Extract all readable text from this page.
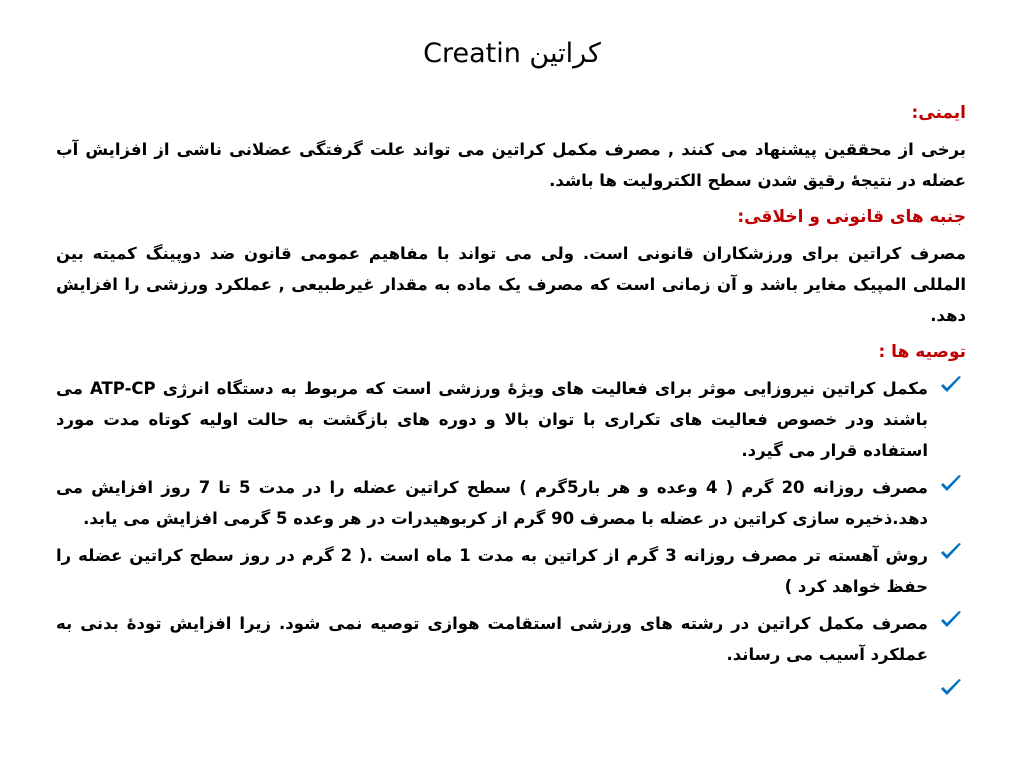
Creatin کراتین
ایمنی:
برخی از محققین پیشنهاد می کنند , مصرف مکمل کراتین می تواند علت گرفتگی عضلانی ناشی از افزایش آب عضله در نتیجهٔ رقیق شدن سطح الکترولیت ها باشد.
جنبه های قانونی و اخلاقی:
مصرف کراتین برای ورزشکاران قانونی است. ولی می تواند با مفاهیم عمومی قانون ضد دوپینگ کمیته بین المللی المپیک مغایر باشد و آن زمانی است که مصرف یک ماده به مقدار غیرطبیعی , عملکرد ورزشی را افزایش دهد.
توصیه ها :
مکمل کراتین نیروزایی موثر برای فعالیت های ویژهٔ ورزشی است که مربوط به دستگاه انرژی ATP-CP می باشند ودر خصوص فعالیت های تکراری با توان بالا و دوره های بازگشت به حالت اولیه کوتاه مدت مورد استفاده قرار می گیرد.
مصرف روزانه 20 گرم ( 4 وعده و هر بار5گرم ) سطح کراتین عضله را در مدت 5 تا 7 روز افزایش می دهد.ذخیره سازی کراتین در عضله با مصرف 90 گرم از کربوهیدرات در هر وعده 5 گرمی افزایش می یابد.
روش آهسته تر مصرف روزانه 3 گرم از کراتین به مدت 1 ماه است .( 2 گرم در روز سطح کراتین عضله را حفظ خواهد کرد )
مصرف مکمل کراتین در رشته های ورزشی استقامت هوازی توصیه نمی شود. زیرا افزایش تودهٔ بدنی به عملکرد آسیب می رساند.
